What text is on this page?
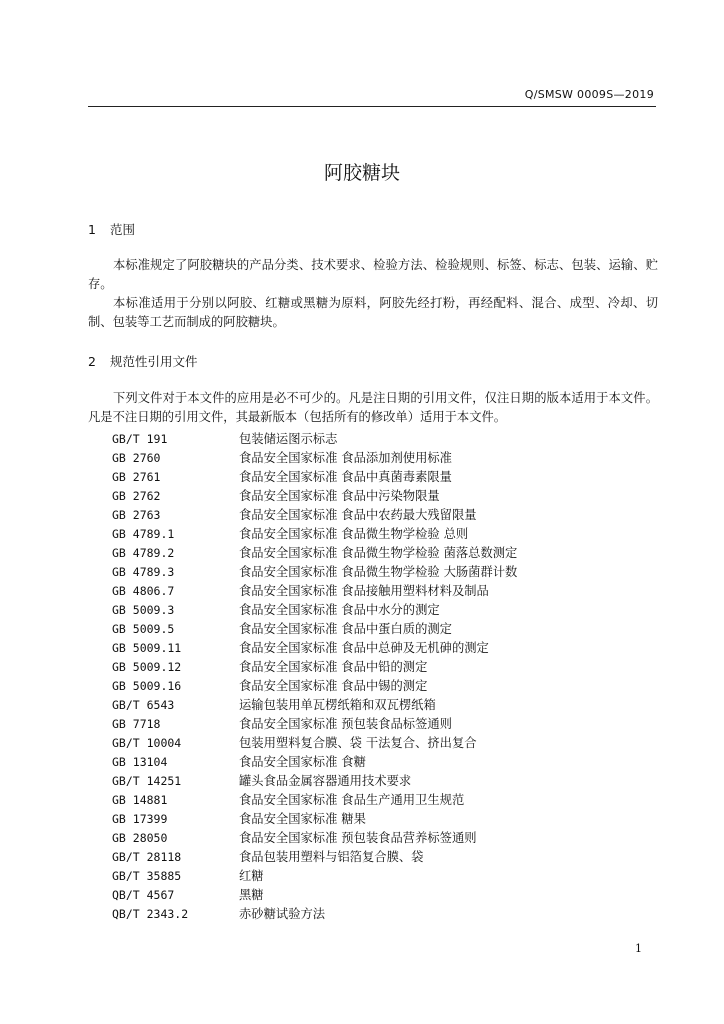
Q/SMSW 0009S—2019
阿胶糖块
1 范围
本标准规定了阿胶糖块的产品分类、技术要求、检验方法、检验规则、标签、标志、包装、运输、贮存。
本标准适用于分别以阿胶、红糖或黑糖为原料，阿胶先经打粉，再经配料、混合、成型、冷却、切制、包装等工艺而制成的阿胶糖块。
2 规范性引用文件
下列文件对于本文件的应用是必不可少的。凡是注日期的引用文件，仅注日期的版本适用于本文件。凡是不注日期的引用文件，其最新版本（包括所有的修改单）适用于本文件。
GB/T 191	包装储运图示标志
GB 2760	食品安全国家标准 食品添加剂使用标准
GB 2761	食品安全国家标准 食品中真菌毒素限量
GB 2762	食品安全国家标准 食品中污染物限量
GB 2763	食品安全国家标准 食品中农药最大残留限量
GB 4789.1	食品安全国家标准 食品微生物学检验 总则
GB 4789.2	食品安全国家标准 食品微生物学检验 菌落总数测定
GB 4789.3	食品安全国家标准 食品微生物学检验 大肠菌群计数
GB 4806.7	食品安全国家标准 食品接触用塑料材料及制品
GB 5009.3	食品安全国家标准 食品中水分的测定
GB 5009.5	食品安全国家标准 食品中蛋白质的测定
GB 5009.11	食品安全国家标准 食品中总砷及无机砷的测定
GB 5009.12	食品安全国家标准 食品中铅的测定
GB 5009.16	食品安全国家标准 食品中锡的测定
GB/T 6543	运输包装用单瓦楞纸箱和双瓦楞纸箱
GB 7718	食品安全国家标准 预包装食品标签通则
GB/T 10004	包装用塑料复合膜、袋 干法复合、挤出复合
GB 13104	食品安全国家标准 食糖
GB/T 14251	罐头食品金属容器通用技术要求
GB 14881	食品安全国家标准 食品生产通用卫生规范
GB 17399	食品安全国家标准 糖果
GB 28050	食品安全国家标准 预包装食品营养标签通则
GB/T 28118	食品包装用塑料与铝箔复合膜、袋
GB/T 35885	红糖
QB/T 4567	黑糖
QB/T 2343.2	赤砂糖试验方法
1
